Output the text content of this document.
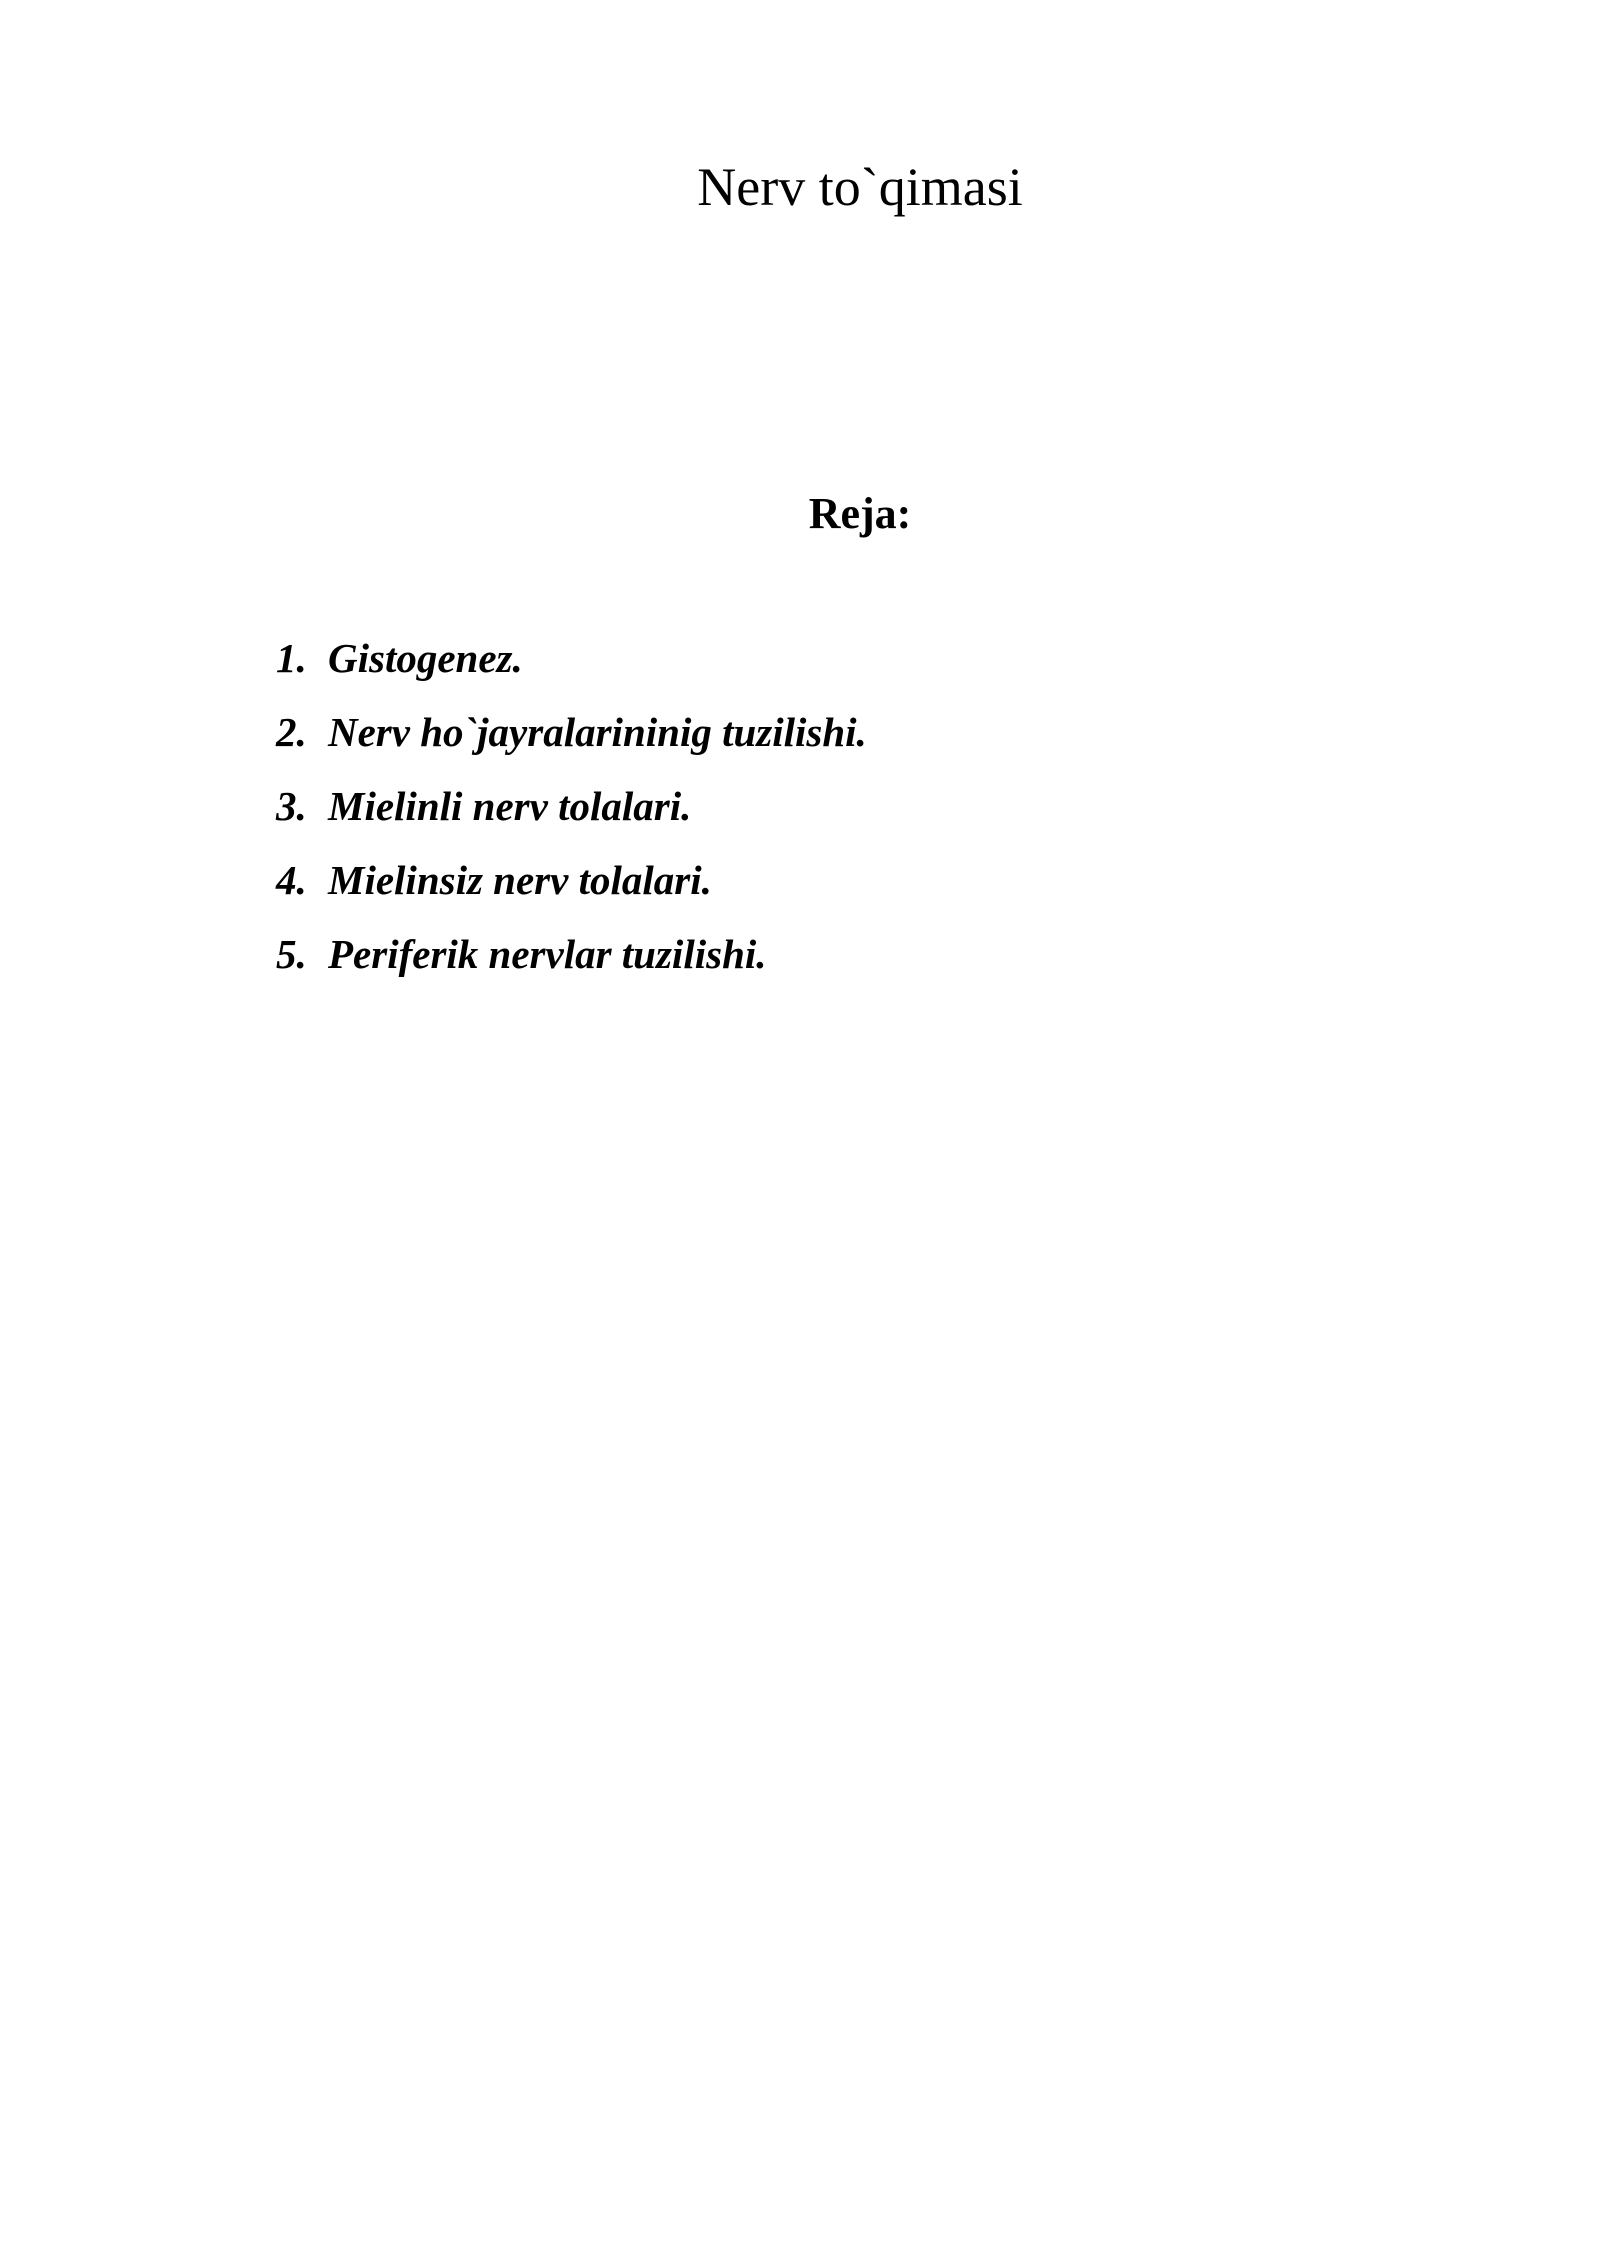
Nerv to`qimasi
Reja:
1. Gistogenez.
2. Nerv ho`jayralarininig tuzilishi.
3. Mielinli nerv tolalari.
4. Mielinsiz nerv tolalari.
5. Periferik nervlar tuzilishi.
